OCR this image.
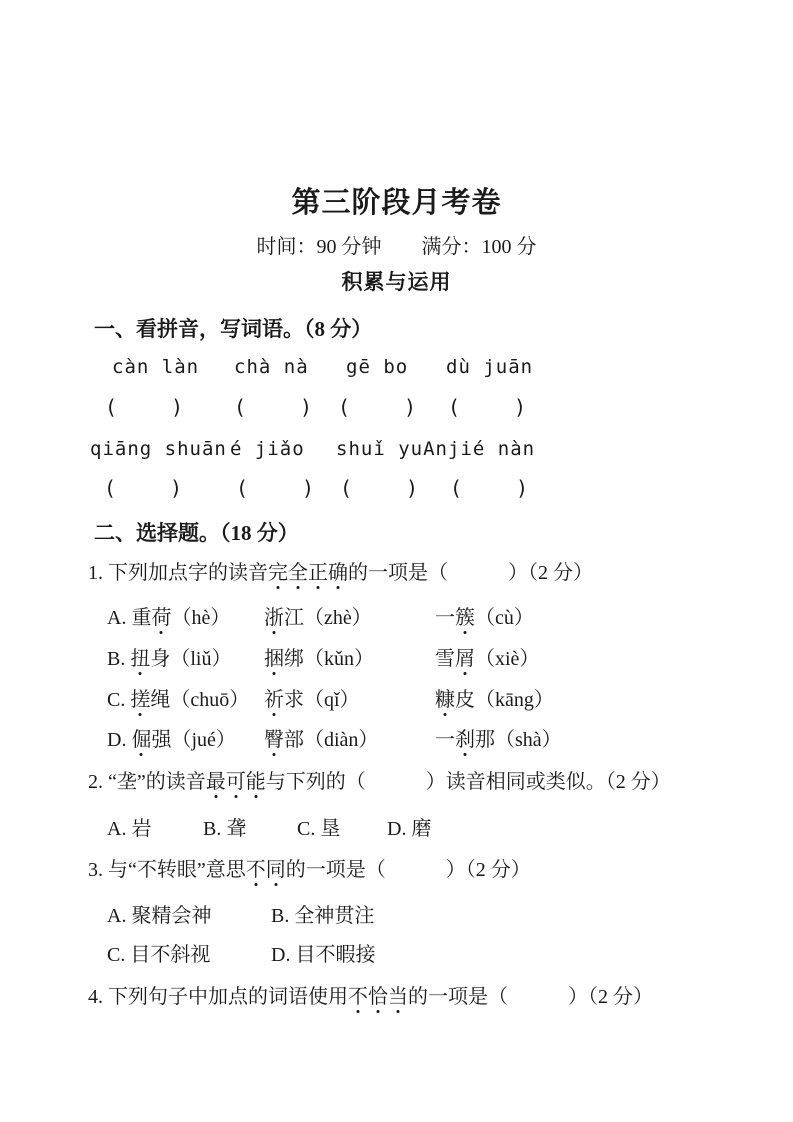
第三阶段月考卷
时间：90 分钟 满分：100 分
积累与运用
一、看拼音，写词语。（8 分）
càn làn chà nà gē bo dù juān
(	)	(	) (	) (	)
qiāng shuān é jiǎo shuǐ yuAn jié nàn
(	)	(	) (	) (	)
二、选择题。（18 分）
1. 下列加点字的读音完全正确的一项是（　　　）（2 分）
A. 重荷（hè） 浙江（zhè）	一簇（cù）
B. 扭身（liǔ） 捆绑（kǔn）	雪屑（xiè）
C. 搓绳（chuō） 祈求（qǐ）	糠皮（kāng）
D. 倔强（jué） 臀部（diàn）	一刹那（shà）
2. “垄”的读音最可能与下列的（　　　）读音相同或类似。（2 分）
A. 岩	B. 聋	C. 垦 D. 磨
3. 与“不转眼”意思不同的一项是（　　　）（2 分）
A. 聚精会神	B. 全神贯注
C. 目不斜视	D. 目不暇接
4. 下列句子中加点的词语使用不恰当的一项是（　　　）（2 分）
